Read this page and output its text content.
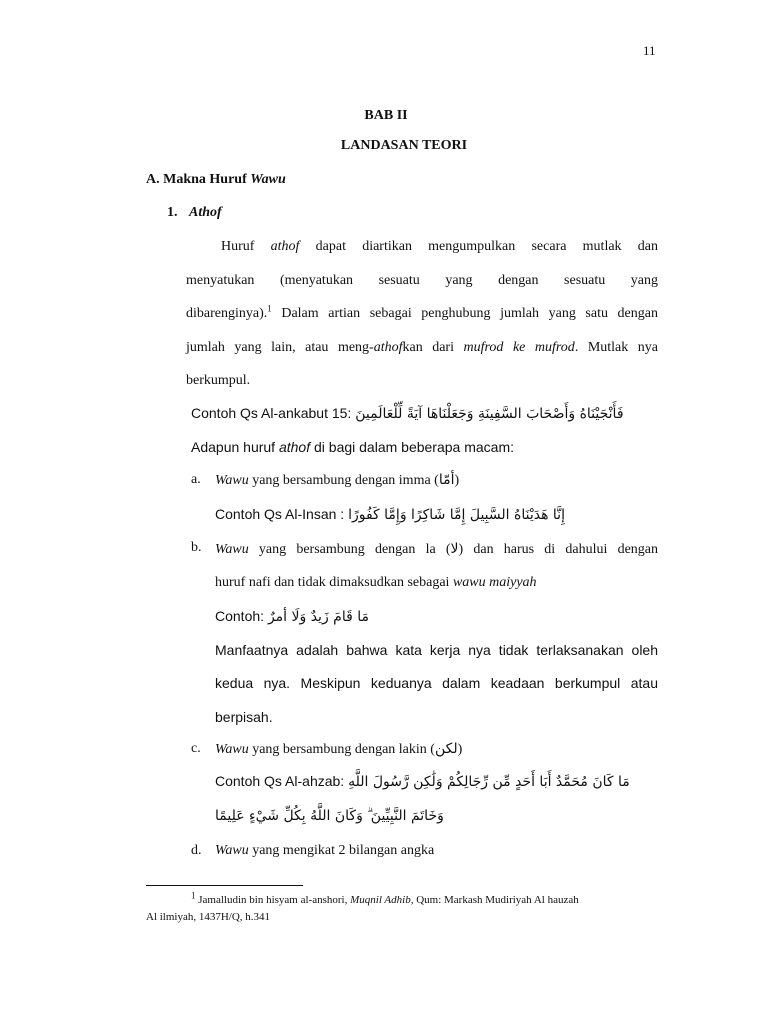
11
BAB II
LANDASAN TEORI
A. Makna Huruf Wawu
1. Athof
Huruf athof dapat diartikan mengumpulkan secara mutlak dan
menyatukan (menyatukan sesuatu yang dengan sesuatu yang
dibarenginya).$^1$ Dalam artian sebagai penghubung jumlah yang satu dengan
jumlah yang lain, atau meng-athofkan dari mufrod ke mufrod. Mutlak nya
berkumpul.
Contoh Qs Al-ankabut 15: فَأَنْجَيْنَاهُ وَأَصْحَابَ السَّفِينَةِ وَجَعَلْنَاهَا آيَةً لِّلْعَالَمِينَ
Adapun huruf athof di bagi dalam beberapa macam:
a. Wawu yang bersambung dengan imma (أمّا)
Contoh Qs Al-Insan : إِنَّا هَدَيْنَاهُ السَّبِيلَ إِمَّا شَاكِرًا وَإِمَّا كَفُورًا
b. Wawu yang bersambung dengan la (لا) dan harus di dahului dengan
huruf nafi dan tidak dimaksudkan sebagai wawu maiyyah
Contoh: مَا قَامَ زَيدٌ وَلَا أمرٌ
Manfaatnya adalah bahwa kata kerja nya tidak terlaksanakan oleh
kedua nya. Meskipun keduanya dalam keadaan berkumpul atau
berpisah.
c. Wawu yang bersambung dengan lakin (لكن)
Contoh Qs Al-ahzab: مَا كَانَ مُحَمَّدٌ أَبَا أَحَدٍ مِّن رِّجَالِكُمْ وَلَٰكِن رَّسُولَ اللَّهِ
وَخَاتَمَ النَّبِيِّينَ ۗ وَكَانَ اللَّهُ بِكُلِّ شَيْءٍ عَلِيمًا
d. Wawu yang mengikat 2 bilangan angka
$^1$ Jamalludin bin hisyam al-anshori, Muqnil Adhib, Qum: Markash Mudiriyah Al hauzah
Al ilmiyah, 1437H/Q, h.341
